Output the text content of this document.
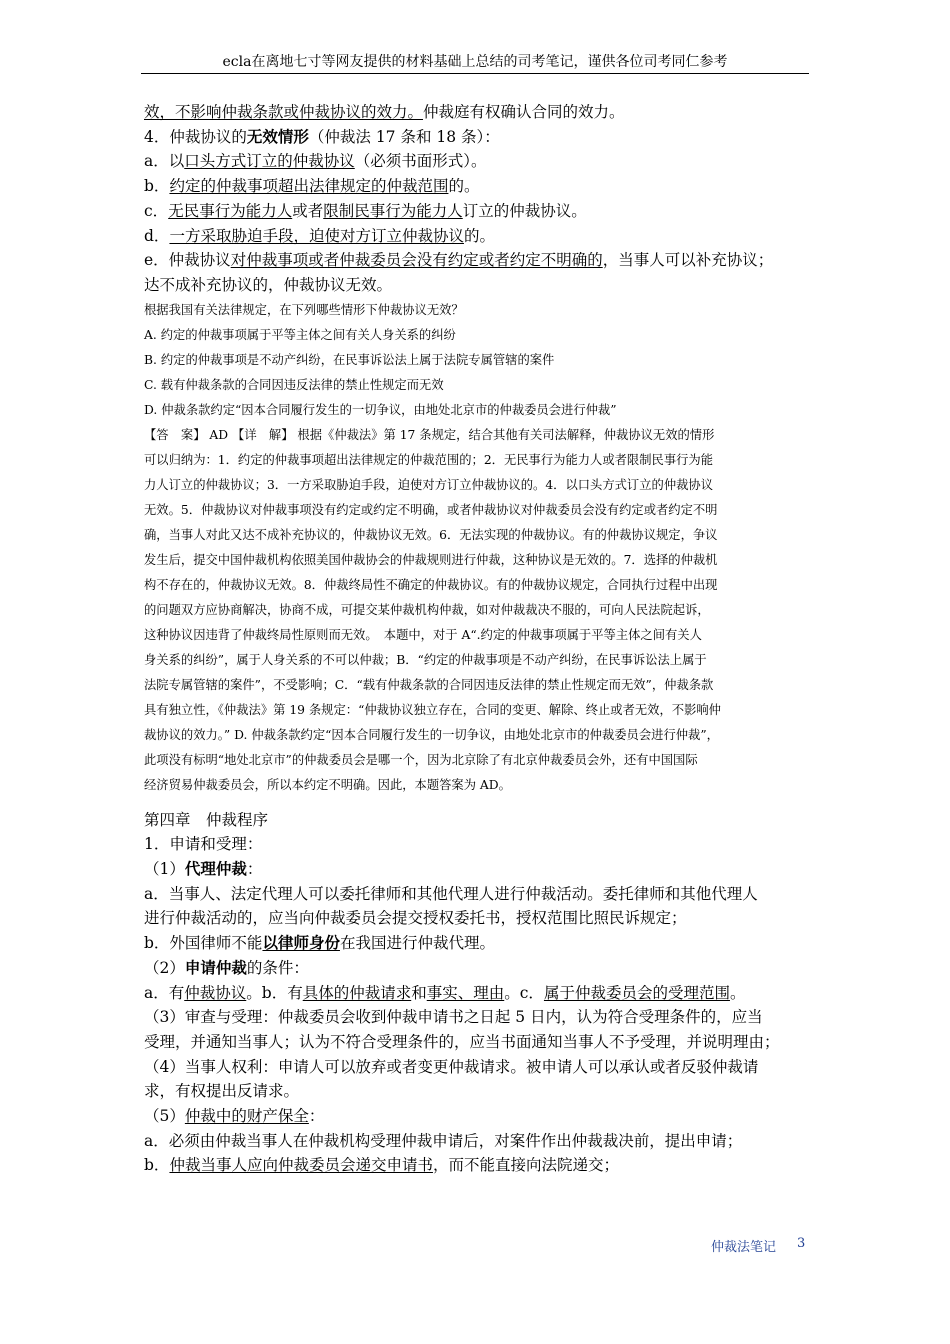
ecla在离地七寸等网友提供的材料基础上总结的司考笔记，谨供各位司考同仁参考

效，不影响仲裁条款或仲裁协议的效力。仲裁庭有权确认合同的效力。

4．仲裁协议的无效情形（仲裁法 17 条和 18 条）：

a．以口头方式订立的仲裁协议（必须书面形式）。

b．约定的仲裁事项超出法律规定的仲裁范围的。

c．无民事行为能力人或者限制民事行为能力人订立的仲裁协议。

d．一方采取胁迫手段，迫使对方订立仲裁协议的。

e．仲裁协议对仲裁事项或者仲裁委员会没有约定或者约定不明确的，当事人可以补充协议；

达不成补充协议的，仲裁协议无效。

根据我国有关法律规定，在下列哪些情形下仲裁协议无效？

A. 约定的仲裁事项属于平等主体之间有关人身关系的纠纷

B. 约定的仲裁事项是不动产纠纷，在民事诉讼法上属于法院专属管辖的案件

C. 载有仲裁条款的合同因违反法律的禁止性规定而无效

D. 仲裁条款约定“因本合同履行发生的一切争议，由地处北京市的仲裁委员会进行仲裁”

【答　案】 AD 【详　解】 根据《仲裁法》第 17 条规定，结合其他有关司法解释，仲裁协议无效的情形

可以归纳为：1．约定的仲裁事项超出法律规定的仲裁范围的；2．无民事行为能力人或者限制民事行为能

力人订立的仲裁协议；3．一方采取胁迫手段，迫使对方订立仲裁协议的。4．以口头方式订立的仲裁协议

无效。5．仲裁协议对仲裁事项没有约定或约定不明确，或者仲裁协议对仲裁委员会没有约定或者约定不明

确，当事人对此又达不成补充协议的，仲裁协议无效。6．无法实现的仲裁协议。有的仲裁协议规定，争议

发生后，提交中国仲裁机构依照美国仲裁协会的仲裁规则进行仲裁，这种协议是无效的。7．选择的仲裁机

构不存在的，仲裁协议无效。8．仲裁终局性不确定的仲裁协议。有的仲裁协议规定，合同执行过程中出现

的问题双方应协商解决，协商不成，可提交某仲裁机构仲裁，如对仲裁裁决不服的，可向人民法院起诉，

这种协议因违背了仲裁终局性原则而无效。　本题中，对于 A“.约定的仲裁事项属于平等主体之间有关人

身关系的纠纷”，属于人身关系的不可以仲裁；B．“约定的仲裁事项是不动产纠纷，在民事诉讼法上属于

法院专属管辖的案件”，不受影响；C．“载有仲裁条款的合同因违反法律的禁止性规定而无效”，仲裁条款

具有独立性，《仲裁法》第 19 条规定：“仲裁协议独立存在，合同的变更、解除、终止或者无效，不影响仲

裁协议的效力。” D. 仲裁条款约定“因本合同履行发生的一切争议，由地处北京市的仲裁委员会进行仲裁”，

此项没有标明“地处北京市”的仲裁委员会是哪一个，因为北京除了有北京仲裁委员会外，还有中国国际

经济贸易仲裁委员会，所以本约定不明确。因此，本题答案为 AD。

第四章　仲裁程序

1．申请和受理：

（1）代理仲裁：

a．当事人、法定代理人可以委托律师和其他代理人进行仲裁活动。委托律师和其他代理人

进行仲裁活动的，应当向仲裁委员会提交授权委托书，授权范围比照民诉规定；

b．外国律师不能以律师身份在我国进行仲裁代理。

（2）申请仲裁的条件：

a．有仲裁协议。b．有具体的仲裁请求和事实、理由。c．属于仲裁委员会的受理范围。

（3）审查与受理：仲裁委员会收到仲裁申请书之日起 5 日内，认为符合受理条件的，应当

受理，并通知当事人；认为不符合受理条件的，应当书面通知当事人不予受理，并说明理由；

（4）当事人权利：申请人可以放弃或者变更仲裁请求。被申请人可以承认或者反驳仲裁请

求，有权提出反请求。

（5）仲裁中的财产保全：

a．必须由仲裁当事人在仲裁机构受理仲裁申请后，对案件作出仲裁裁决前，提出申请；

b．仲裁当事人应向仲裁委员会递交申请书，而不能直接向法院递交；

仲裁法笔记 3
